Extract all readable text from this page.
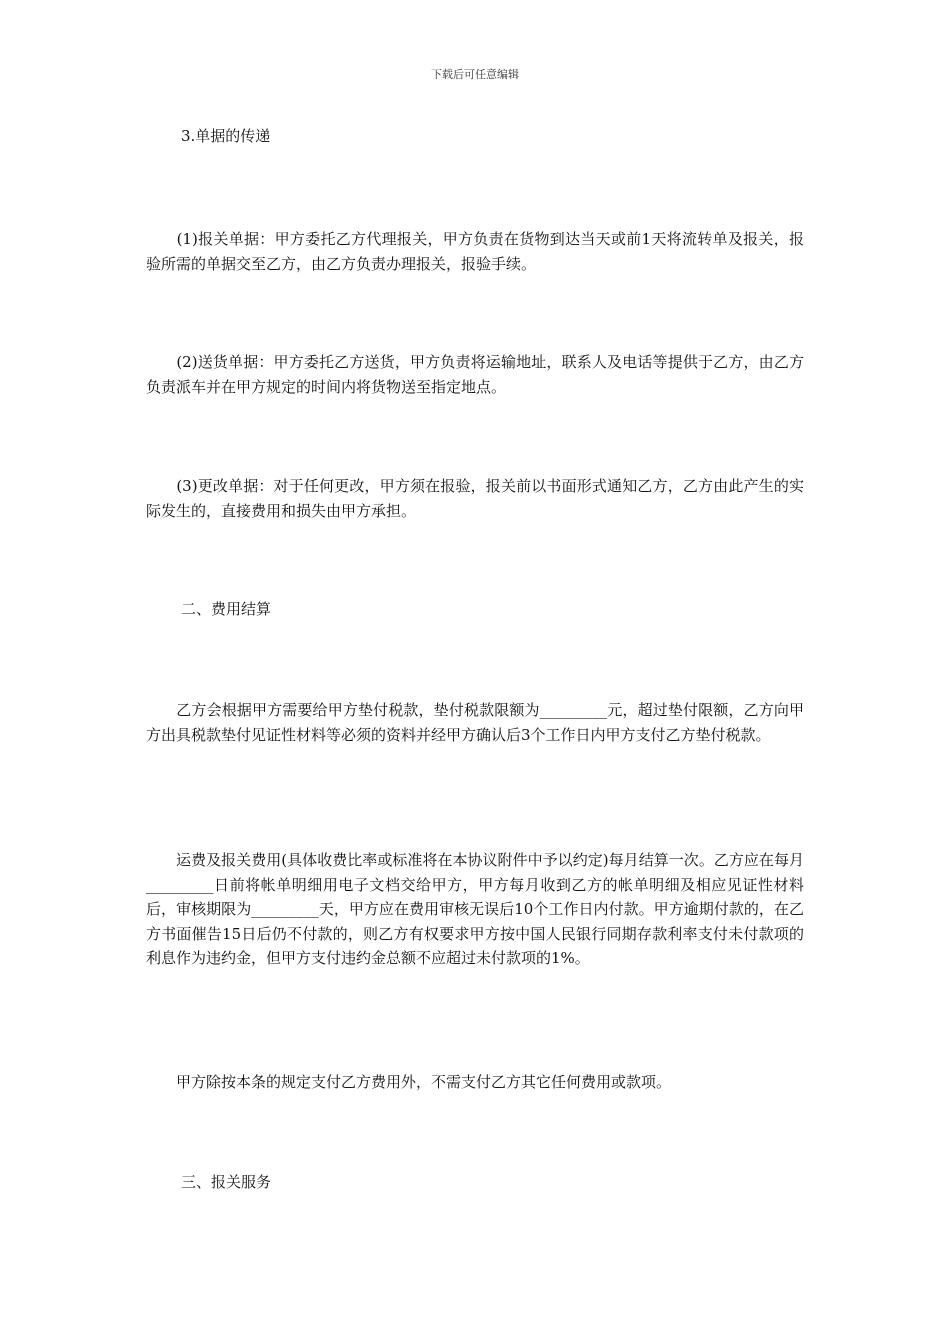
下载后可任意编辑

3.单据的传递

　　(1)报关单据：甲方委托乙方代理报关，甲方负责在货物到达当天或前1天将流转单及报关，报验所需的单据交至乙方，由乙方负责办理报关，报验手续。

　　(2)送货单据：甲方委托乙方送货，甲方负责将运输地址，联系人及电话等提供于乙方，由乙方负责派车并在甲方规定的时间内将货物送至指定地点。

　　(3)更改单据：对于任何更改，甲方须在报验，报关前以书面形式通知乙方，乙方由此产生的实际发生的，直接费用和损失由甲方承担。

二、费用结算

　　乙方会根据甲方需要给甲方垫付税款，垫付税款限额为_________元，超过垫付限额，乙方向甲方出具税款垫付见证性材料等必须的资料并经甲方确认后3个工作日内甲方支付乙方垫付税款。

　　运费及报关费用(具体收费比率或标准将在本协议附件中予以约定)每月结算一次。乙方应在每月_________日前将帐单明细用电子文档交给甲方，甲方每月收到乙方的帐单明细及相应见证性材料后，审核期限为_________天，甲方应在费用审核无误后10个工作日内付款。甲方逾期付款的，在乙方书面催告15日后仍不付款的，则乙方有权要求甲方按中国人民银行同期存款利率支付未付款项的利息作为违约金，但甲方支付违约金总额不应超过未付款项的1%。

　　甲方除按本条的规定支付乙方费用外，不需支付乙方其它任何费用或款项。

三、报关服务
